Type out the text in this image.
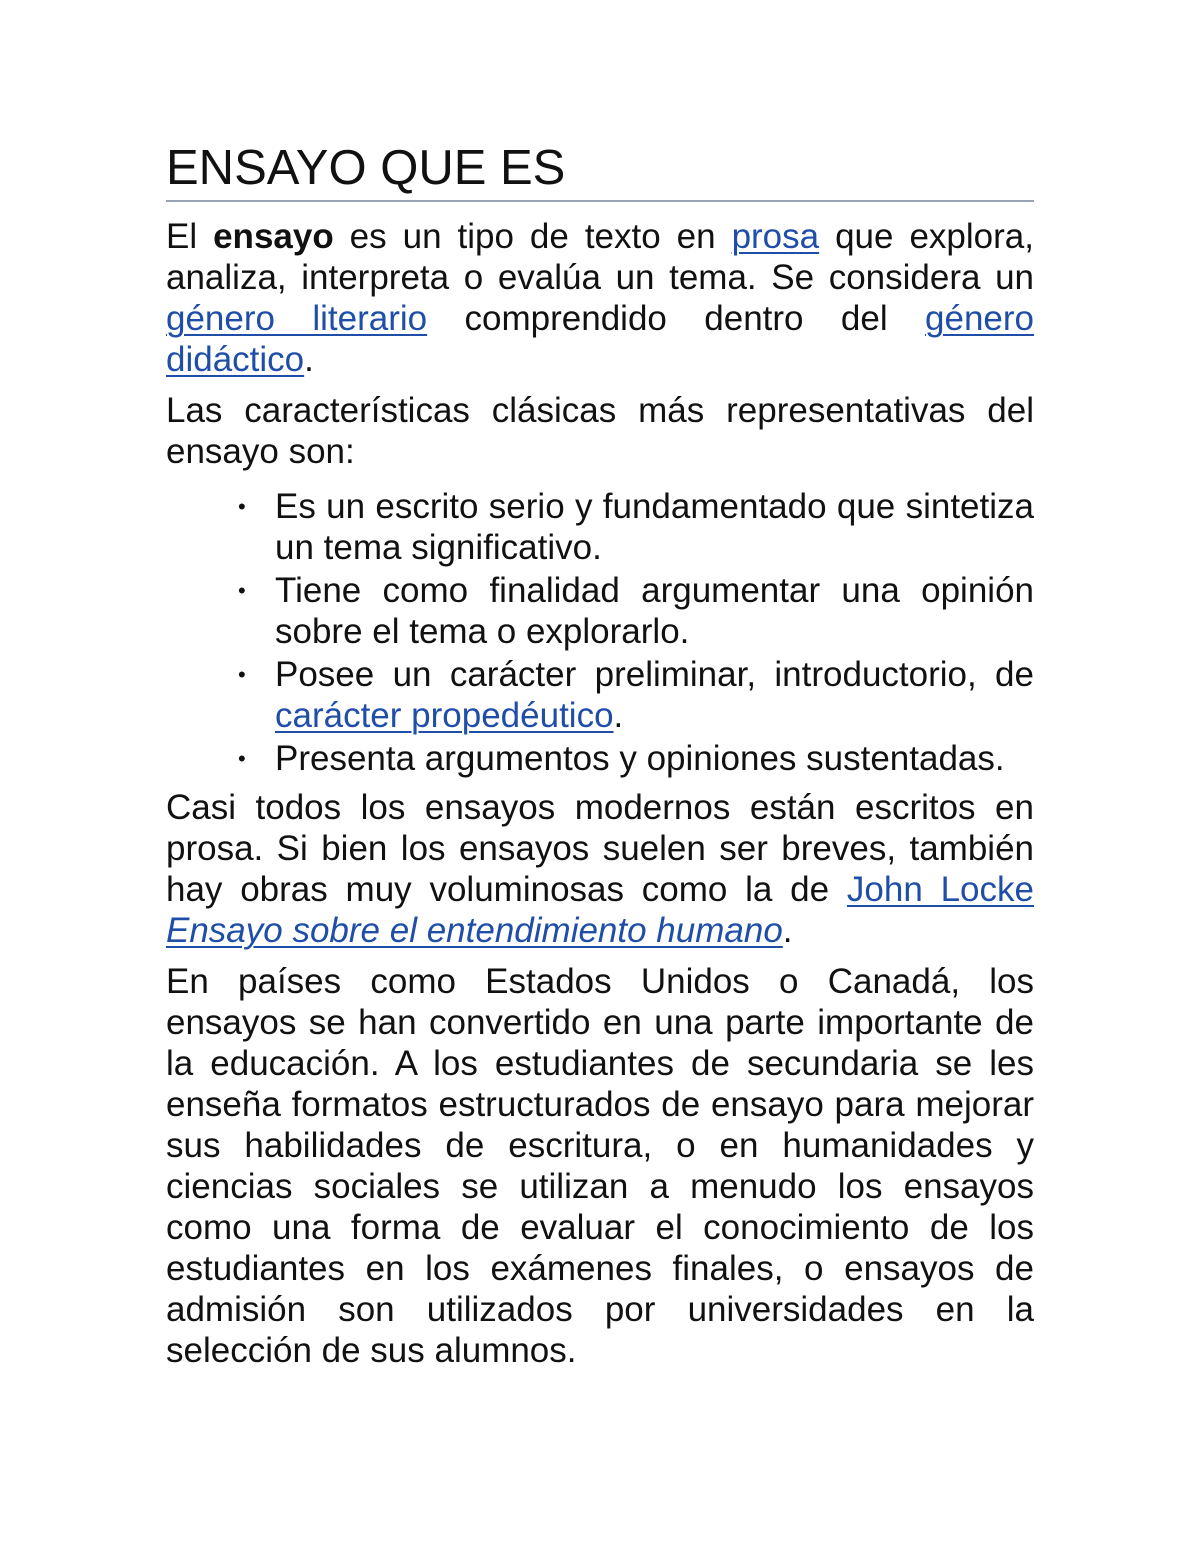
ENSAYO QUE ES

El ensayo es un tipo de texto en prosa que explora, analiza, interpreta o evalúa un tema. Se considera un género literario comprendido dentro del género didáctico.

Las características clásicas más representativas del ensayo son:

• Es un escrito serio y fundamentado que sintetiza un tema significativo.
• Tiene como finalidad argumentar una opinión sobre el tema o explorarlo.
• Posee un carácter preliminar, introductorio, de carácter propedéutico.
• Presenta argumentos y opiniones sustentadas.

Casi todos los ensayos modernos están escritos en prosa. Si bien los ensayos suelen ser breves, también hay obras muy voluminosas como la de John Locke Ensayo sobre el entendimiento humano.

En países como Estados Unidos o Canadá, los ensayos se han convertido en una parte importante de la educación. A los estudiantes de secundaria se les enseña formatos estructurados de ensayo para mejorar sus habilidades de escritura, o en humanidades y ciencias sociales se utilizan a menudo los ensayos como una forma de evaluar el conocimiento de los estudiantes en los exámenes finales, o ensayos de admisión son utilizados por universidades en la selección de sus alumnos.
